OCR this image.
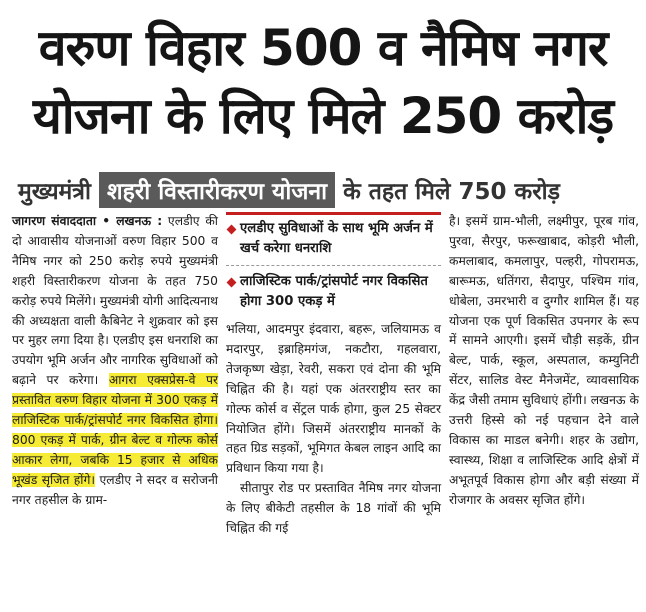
वरुण विहार 500 व नैमिष नगर
योजना के लिए मिले 250 करोड़
मुख्यमंत्री शहरी विस्तारीकरण योजना के तहत मिले 750 करोड़
जागरण संवाददाता • लखनऊ : एलडीए की दो आवासीय योजनाओं वरुण विहार 500 व नैमिष नगर को 250 करोड़ रुपये मुख्यमंत्री शहरी विस्तारीकरण योजना के तहत 750 करोड़ रुपये मिलेंगे। मुख्यमंत्री योगी आदित्यनाथ की अध्यक्षता वाली कैबिनेट ने शुक्रवार को इस पर मुहर लगा दिया है। एलडीए इस धनराशि का उपयोग भूमि अर्जन और नागरिक सुविधाओं को बढ़ाने पर करेगा। आगरा एक्सप्रेस-वे पर प्रस्तावित वरुण विहार योजना में 300 एकड़ में लाजिस्टिक पार्क/ट्रांसपोर्ट नगर विकसित होगा। 800 एकड़ में पार्क, ग्रीन बेल्ट व गोल्फ कोर्स आकार लेगा, जबकि 15 हजार से अधिक भूखंड सृजित होंगे। एलडीए ने सदर व सरोजनी नगर तहसील के ग्राम-
एलडीए सुविधाओं के साथ भूमि अर्जन में खर्च करेगा धनराशि
लाजिस्टिक पार्क/ट्रांसपोर्ट नगर विकसित होगा 300 एकड़ में
भलिया, आदमपुर इंदवारा, बहरू, जलियामऊ व मदारपुर, इब्राहिमगंज, नकटौरा, गहलवारा, तेजकृष्ण खेड़ा, रेवरी, सकरा एवं दोना की भूमि चिह्नित की है। यहां एक अंतरराष्ट्रीय स्तर का गोल्फ कोर्स व सेंट्रल पार्क होगा, कुल 25 सेक्टर नियोजित होंगे। जिसमें अंतरराष्ट्रीय मानकों के तहत ग्रिड सड़कों, भूमिगत केबल लाइन आदि का प्रविधान किया गया है।
सीतापुर रोड पर प्रस्तावित नैमिष नगर योजना के लिए बीकेटी तहसील के 18 गांवों की भूमि चिह्नित की गई
है। इसमें ग्राम-भौली, लक्ष्मीपुर, पूरब गांव, पुरवा, सैरपुर, फरूखाबाद, कोड़री भौली, कमलाबाद, कमलापुर, पल्हरी, गोपरामऊ, बारूमऊ, धतिंगरा, सैदापुर, पश्चिम गांव, धोबेला, उमरभारी व दुग्गौर शामिल हैं। यह योजना एक पूर्ण विकसित उपनगर के रूप में सामने आएगी। इसमें चौड़ी सड़कें, ग्रीन बेल्ट, पार्क, स्कूल, अस्पताल, कम्युनिटी सेंटर, सालिड वेस्ट मैनेजमेंट, व्यावसायिक केंद्र जैसी तमाम सुविधाएं होंगी। लखनऊ के उत्तरी हिस्से को नई पहचान देने वाले विकास का माडल बनेगी। शहर के उद्योग, स्वास्थ्य, शिक्षा व लाजिस्टिक आदि क्षेत्रों में अभूतपूर्व विकास होगा और बड़ी संख्या में रोजगार के अवसर सृजित होंगे।
